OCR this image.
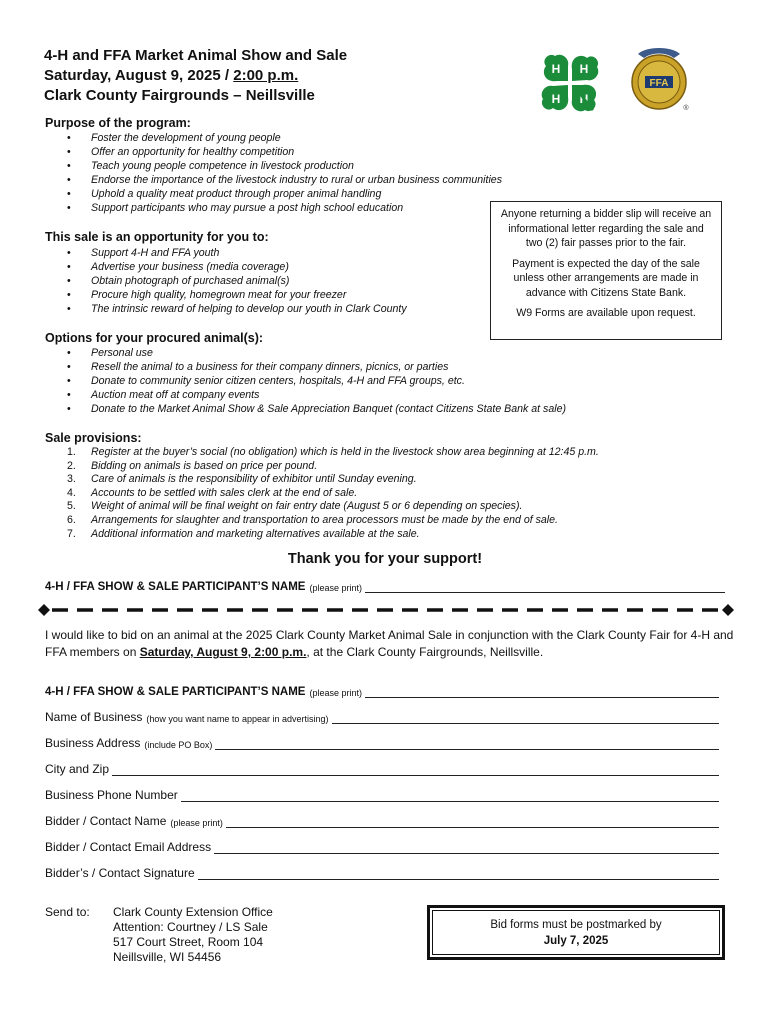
4-H and FFA Market Animal Show and Sale
Saturday, August 9, 2025 / 2:00 p.m.
Clark County Fairgrounds – Neillsville
H H
H H
FFA
®
Purpose of the program:
• Foster the development of young people
• Offer an opportunity for healthy competition
• Teach young people competence in livestock production
• Endorse the importance of the livestock industry to rural or urban business communities
• Uphold a quality meat product through proper animal handling
• Support participants who may pursue a post high school education	Anyone returning a bidder slip will receive an informational letter regarding the sale and two (2) fair passes prior to the fair.

Payment is expected the day of the sale unless other arrangements are made in advance with Citizens State Bank.

W9 Forms are available upon request.

This sale is an opportunity for you to:
• Support 4-H and FFA youth
• Advertise your business (media coverage)
• Obtain photograph of purchased animal(s)
• Procure high quality, homegrown meat for your freezer
• The intrinsic reward of helping to develop our youth in Clark County
Options for your procured animal(s):
• Personal use
• Resell the animal to a business for their company dinners, picnics, or parties
• Donate to community senior citizen centers, hospitals, 4-H and FFA groups, etc.
• Auction meat off at company events
• Donate to the Market Animal Show & Sale Appreciation Banquet (contact Citizens State Bank at sale)
Sale provisions:
1. Register at the buyer’s social (no obligation) which is held in the livestock show area beginning at 12:45 p.m.
2. Bidding on animals is based on price per pound.
3. Care of animals is the responsibility of exhibitor until Sunday evening.
4. Accounts to be settled with sales clerk at the end of sale.
5. Weight of animal will be final weight on fair entry date (August 5 or 6 depending on species).
6. Arrangements for slaughter and transportation to area processors must be made by the end of sale.
7. Additional information and marketing alternatives available at the sale.
Thank you for your support!
4-H / FFA SHOW & SALE PARTICIPANT’S NAME (please print)
I would like to bid on an animal at the 2025 Clark County Market Animal Sale in conjunction with the Clark County Fair for 4-H and FFA members on Saturday, August 9, 2:00 p.m., at the Clark County Fairgrounds, Neillsville.
4-H / FFA SHOW & SALE PARTICIPANT’S NAME (please print)
Name of Business (how you want name to appear in advertising)
Business Address (include PO Box)
City and Zip
Business Phone Number
Bidder / Contact Name (please print)
Bidder / Contact Email Address
Bidder’s / Contact Signature
Send to: Clark County Extension Office
Attention: Courtney / LS Sale
517 Court Street, Room 104
Neillsville, WI 54456
Bid forms must be postmarked by
July 7, 2025
